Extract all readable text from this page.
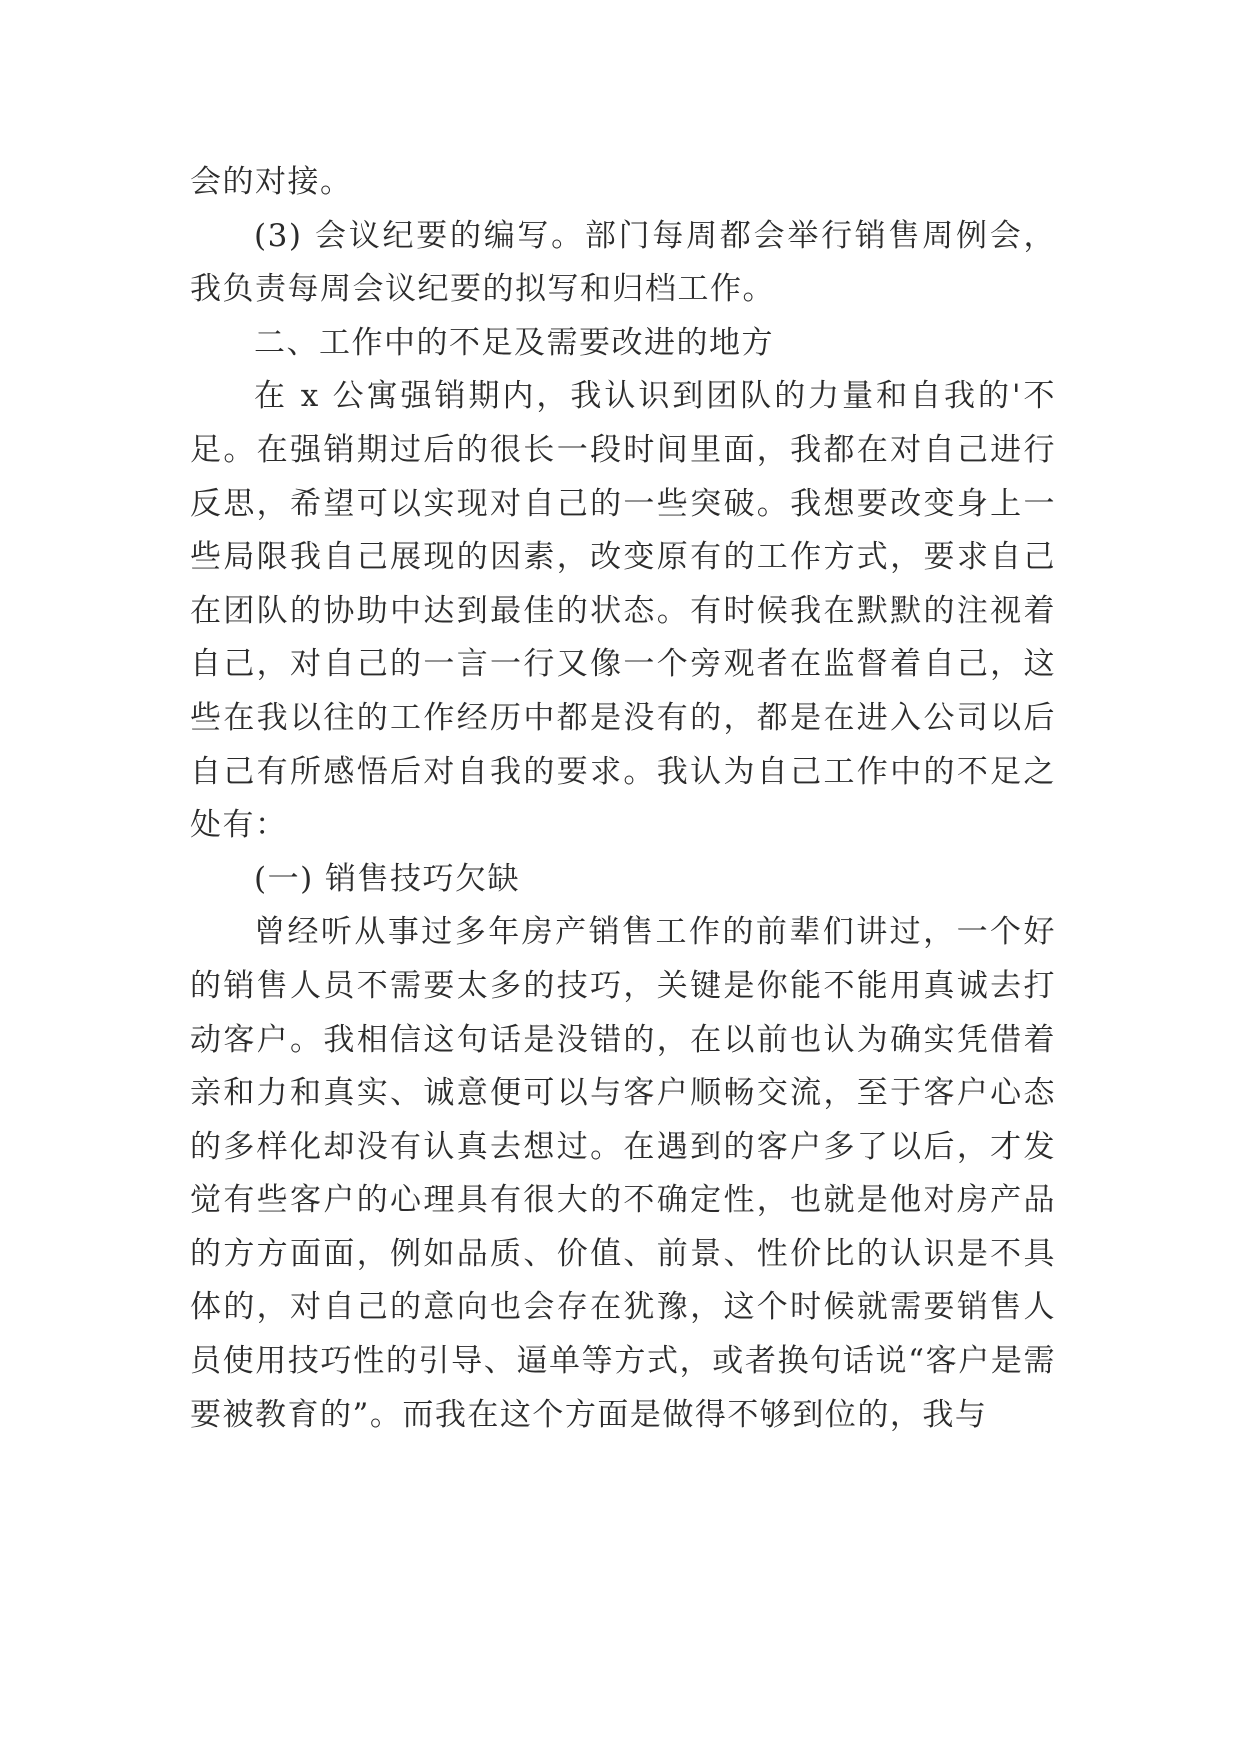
会的对接。

(3) 会议纪要的编写。部门每周都会举行销售周例会，我负责每周会议纪要的拟写和归档工作。

二、工作中的不足及需要改进的地方

在 x 公寓强销期内，我认识到团队的力量和自我的'不足。在强销期过后的很长一段时间里面，我都在对自己进行反思，希望可以实现对自己的一些突破。我想要改变身上一些局限我自己展现的因素，改变原有的工作方式，要求自己在团队的协助中达到最佳的状态。有时候我在默默的注视着自己，对自己的一言一行又像一个旁观者在监督着自己，这些在我以往的工作经历中都是没有的，都是在进入公司以后自己有所感悟后对自我的要求。我认为自己工作中的不足之处有：

(一) 销售技巧欠缺

曾经听从事过多年房产销售工作的前辈们讲过，一个好的销售人员不需要太多的技巧，关键是你能不能用真诚去打动客户。我相信这句话是没错的，在以前也认为确实凭借着亲和力和真实、诚意便可以与客户顺畅交流，至于客户心态的多样化却没有认真去想过。在遇到的客户多了以后，才发觉有些客户的心理具有很大的不确定性，也就是他对房产品的方方面面，例如品质、价值、前景、性价比的认识是不具体的，对自己的意向也会存在犹豫，这个时候就需要销售人员使用技巧性的引导、逼单等方式，或者换句话说“客户是需要被教育的”。而我在这个方面是做得不够到位的，我与
